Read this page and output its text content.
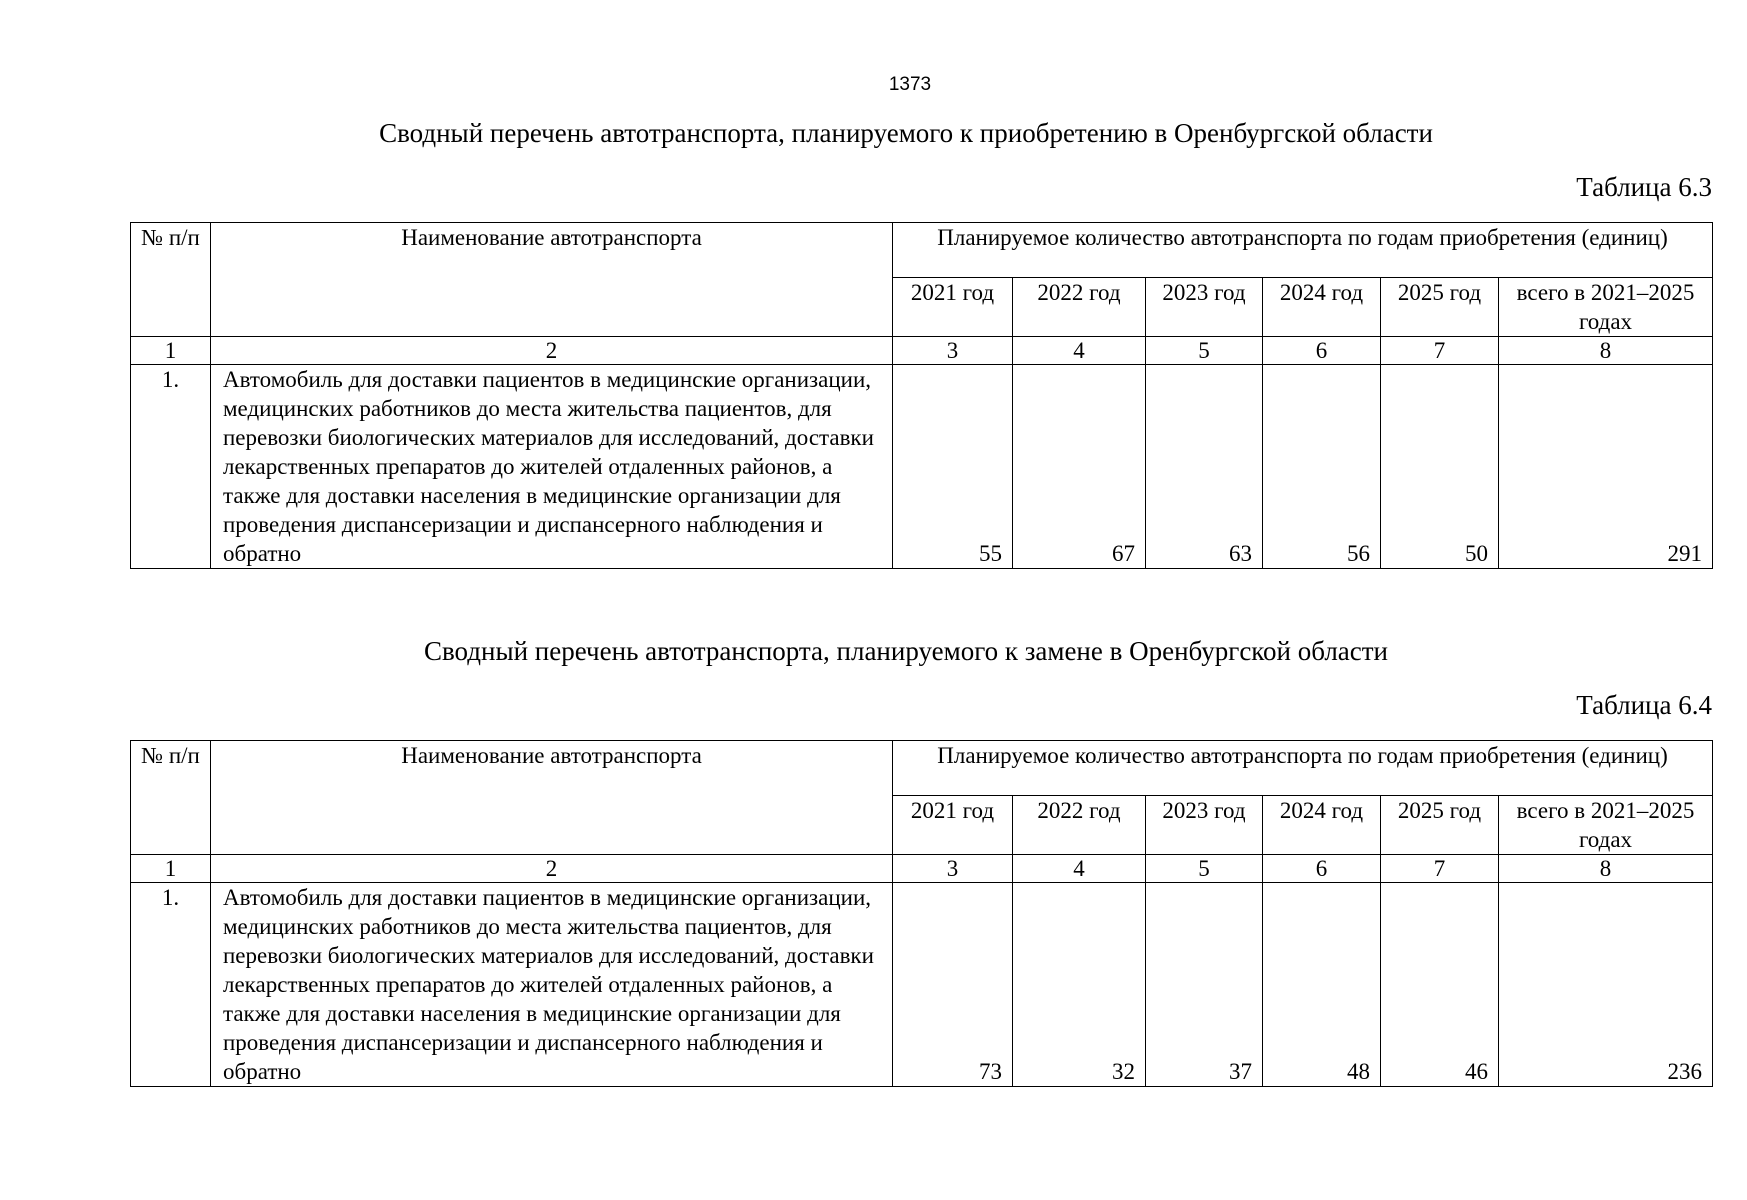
1373
Сводный перечень автотранспорта, планируемого к приобретению в Оренбургской области
Таблица 6.3
№ п/п	Наименование автотранспорта	Планируемое количество автотранспорта по годам приобретения (единиц)					
		2021 год	2022 год	2023 год	2024 год	2025 год	всего в 2021–2025 годах
1	2	3	4	5	6	7	8
1.	Автомобиль для доставки пациентов в медицинские организации, медицинских работников до места жительства пациентов, для перевозки биологических материалов для исследований, доставки лекарственных препаратов до жителей отдаленных районов, а также для доставки населения в медицинские организации для проведения диспансеризации и диспансерного наблюдения и обратно	55	67	63	56	50	291
Сводный перечень автотранспорта, планируемого к замене в Оренбургской области
Таблица 6.4
№ п/п	Наименование автотранспорта	Планируемое количество автотранспорта по годам приобретения (единиц)					
		2021 год	2022 год	2023 год	2024 год	2025 год	всего в 2021–2025 годах
1	2	3	4	5	6	7	8
1.	Автомобиль для доставки пациентов в медицинские организации, медицинских работников до места жительства пациентов, для перевозки биологических материалов для исследований, доставки лекарственных препаратов до жителей отдаленных районов, а также для доставки населения в медицинские организации для проведения диспансеризации и диспансерного наблюдения и обратно	73	32	37	48	46	236
